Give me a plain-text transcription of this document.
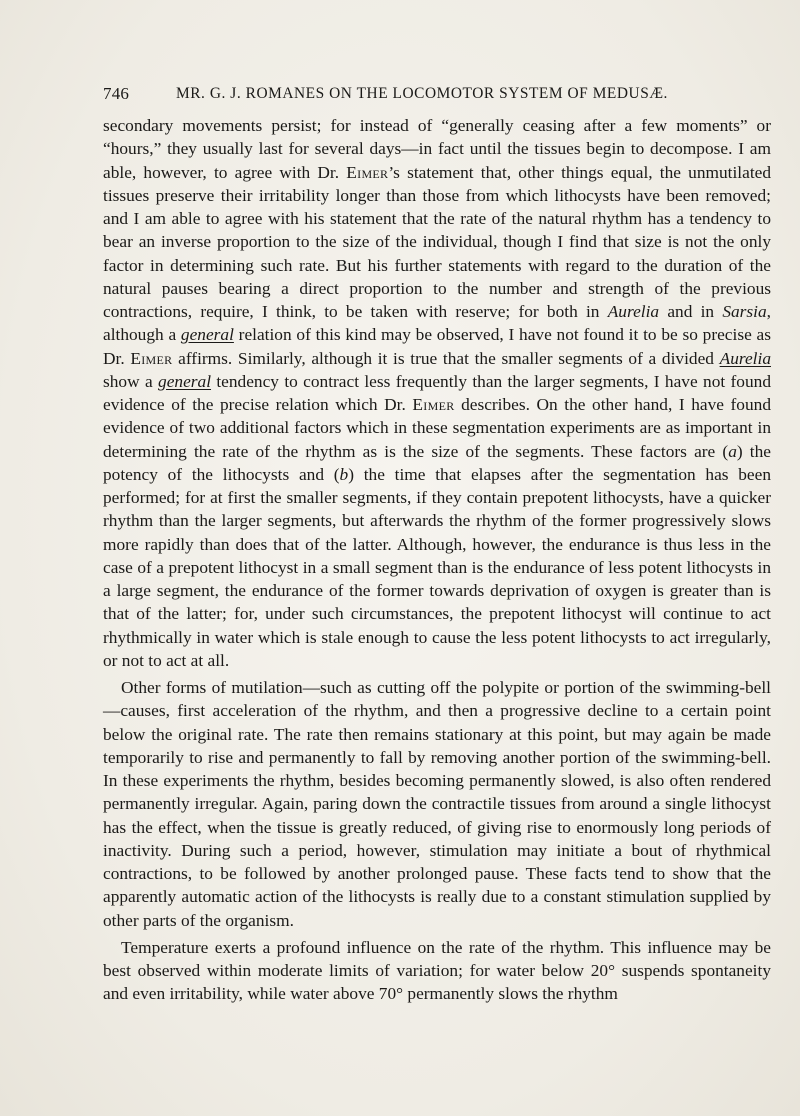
746	MR. G. J. ROMANES ON THE LOCOMOTOR SYSTEM OF MEDUSÆ.

secondary movements persist; for instead of “generally ceasing after a few moments” or “hours,” they usually last for several days—in fact until the tissues begin to decompose. I am able, however, to agree with Dr. Eimer’s statement that, other things equal, the unmutilated tissues preserve their irritability longer than those from which lithocysts have been removed; and I am able to agree with his statement that the rate of the natural rhythm has a tendency to bear an inverse proportion to the size of the individual, though I find that size is not the only factor in determining such rate. But his further statements with regard to the duration of the natural pauses bearing a direct proportion to the number and strength of the previous contractions, require, I think, to be taken with reserve; for both in Aurelia and in Sarsia, although a general relation of this kind may be observed, I have not found it to be so precise as Dr. Eimer affirms. Similarly, although it is true that the smaller segments of a divided Aurelia show a general tendency to contract less frequently than the larger segments, I have not found evidence of the precise relation which Dr. Eimer describes. On the other hand, I have found evidence of two additional factors which in these segmentation experiments are as important in determining the rate of the rhythm as is the size of the segments. These factors are (a) the potency of the lithocysts and (b) the time that elapses after the segmentation has been performed; for at first the smaller segments, if they contain prepotent lithocysts, have a quicker rhythm than the larger segments, but afterwards the rhythm of the former progressively slows more rapidly than does that of the latter. Although, however, the endurance is thus less in the case of a prepotent lithocyst in a small segment than is the endurance of less potent lithocysts in a large segment, the endurance of the former towards deprivation of oxygen is greater than is that of the latter; for, under such circumstances, the prepotent lithocyst will continue to act rhythmically in water which is stale enough to cause the less potent lithocysts to act irregularly, or not to act at all.

Other forms of mutilation—such as cutting off the polypite or portion of the swimming-bell—causes, first acceleration of the rhythm, and then a progressive decline to a certain point below the original rate. The rate then remains stationary at this point, but may again be made temporarily to rise and permanently to fall by removing another portion of the swimming-bell. In these experiments the rhythm, besides becoming permanently slowed, is also often rendered permanently irregular. Again, paring down the contractile tissues from around a single lithocyst has the effect, when the tissue is greatly reduced, of giving rise to enormously long periods of inactivity. During such a period, however, stimulation may initiate a bout of rhythmical contractions, to be followed by another prolonged pause. These facts tend to show that the apparently automatic action of the lithocysts is really due to a constant stimulation supplied by other parts of the organism.

Temperature exerts a profound influence on the rate of the rhythm. This influence may be best observed within moderate limits of variation; for water below 20° suspends spontaneity and even irritability, while water above 70° permanently slows the rhythm
